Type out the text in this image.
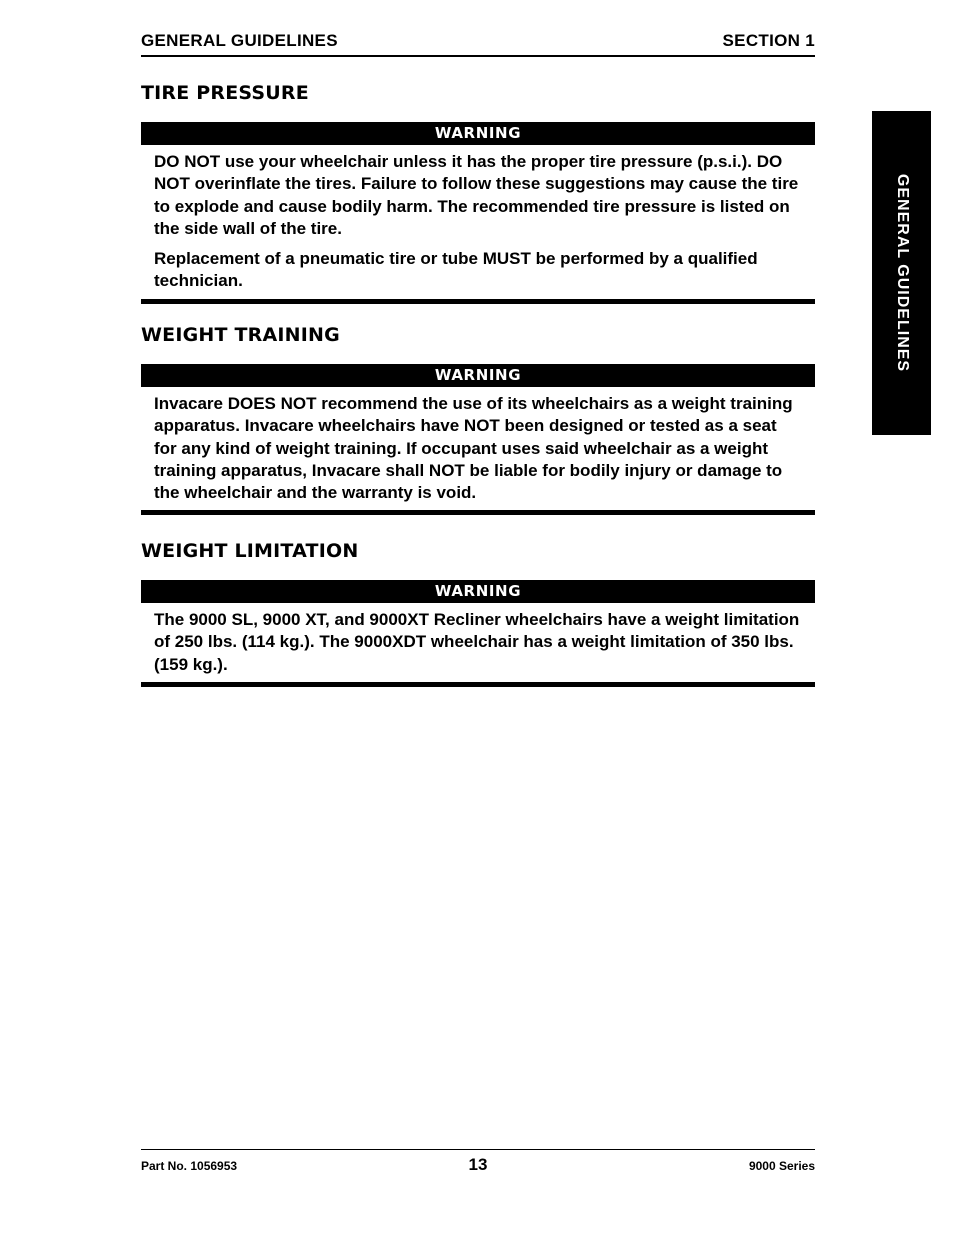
GENERAL GUIDELINES	SECTION 1
GENERAL GUIDELINES
TIRE PRESSURE
WARNING

DO NOT use your wheelchair unless it has the proper tire pressure (p.s.i.). DO NOT overinflate the tires. Failure to follow these suggestions may cause the tire to explode and cause bodily harm. The recommended tire pressure is listed on the side wall of the tire.

Replacement of a pneumatic tire or tube MUST be performed by a qualified technician.

WEIGHT TRAINING
WARNING

Invacare DOES NOT recommend the use of its wheelchairs as a weight training apparatus. Invacare wheelchairs have NOT been designed or tested as a seat for any kind of weight training. If occupant uses said wheelchair as a weight training apparatus, Invacare shall NOT be liable for bodily injury or damage to the wheelchair and the warranty is void.

WEIGHT LIMITATION
WARNING

The 9000 SL, 9000 XT, and 9000XT Recliner wheelchairs have a weight limitation of 250 lbs. (114 kg.). The 9000XDT wheelchair has a weight limitation of 350 lbs. (159 kg.).

Part No. 1056953	13	9000 Series
